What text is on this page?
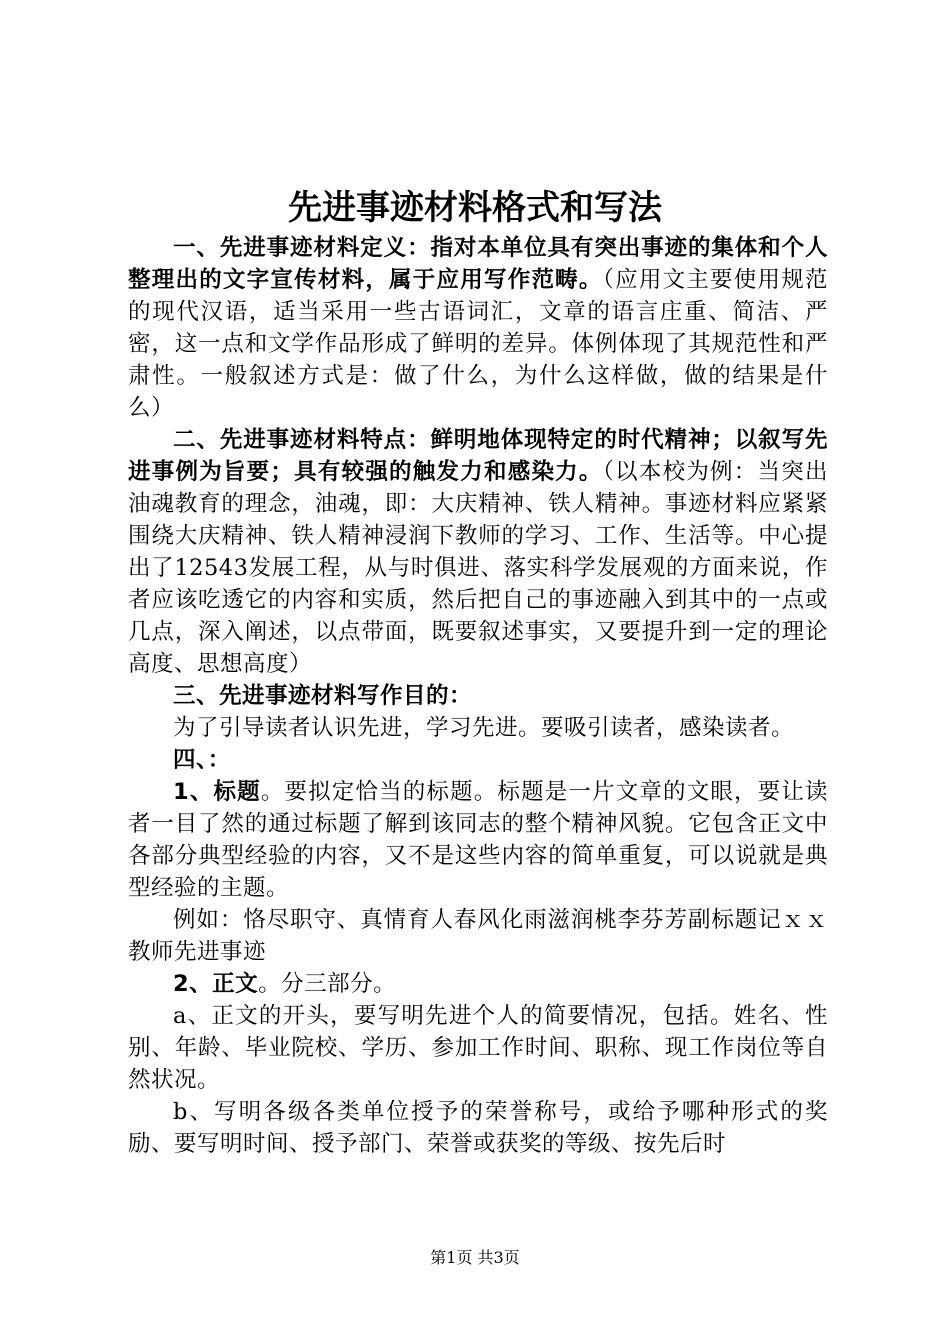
先进事迹材料格式和写法

一、先进事迹材料定义：指对本单位具有突出事迹的集体和个人整理出的文字宣传材料，属于应用写作范畴。（应用文主要使用规范的现代汉语，适当采用一些古语词汇，文章的语言庄重、简洁、严密，这一点和文学作品形成了鲜明的差异。体例体现了其规范性和严肃性。一般叙述方式是：做了什么，为什么这样做，做的结果是什么）

二、先进事迹材料特点：鲜明地体现特定的时代精神；以叙写先进事例为旨要；具有较强的触发力和感染力。（以本校为例：当突出油魂教育的理念，油魂，即：大庆精神、铁人精神。事迹材料应紧紧围绕大庆精神、铁人精神浸润下教师的学习、工作、生活等。中心提出了12543发展工程，从与时俱进、落实科学发展观的方面来说，作者应该吃透它的内容和实质，然后把自己的事迹融入到其中的一点或几点，深入阐述，以点带面，既要叙述事实，又要提升到一定的理论高度、思想高度）

三、先进事迹材料写作目的：

为了引导读者认识先进，学习先进。要吸引读者，感染读者。

四、：

1、标题。要拟定恰当的标题。标题是一片文章的文眼，要让读者一目了然的通过标题了解到该同志的整个精神风貌。它包含正文中各部分典型经验的内容，又不是这些内容的简单重复，可以说就是典型经验的主题。

例如：恪尽职守、真情育人春风化雨滋润桃李芬芳副标题记ｘｘ教师先进事迹

2、正文。分三部分。

a、正文的开头，要写明先进个人的简要情况，包括。姓名、性别、年龄、毕业院校、学历、参加工作时间、职称、现工作岗位等自然状况。

b、写明各级各类单位授予的荣誉称号，或给予哪种形式的奖励、要写明时间、授予部门、荣誉或获奖的等级、按先后时

第1页 共3页
